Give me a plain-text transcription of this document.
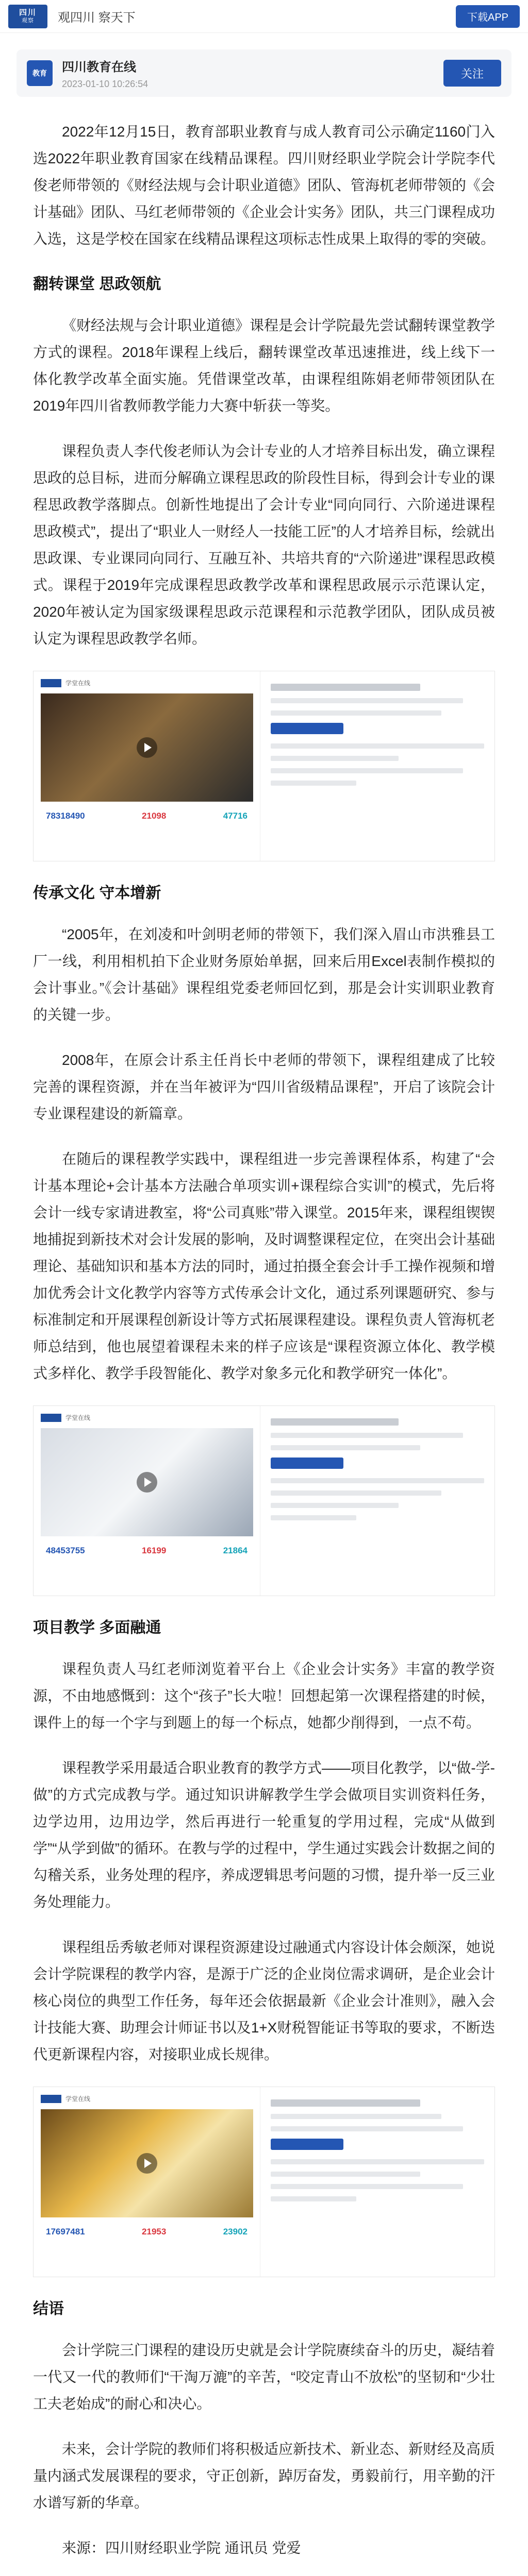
四川
观察 观四川 察天下	下载APP
教育	四川教育在线
2023-01-10 10:26:54
关注

2022年12月15日，教育部职业教育与成人教育司公示确定1160门入选2022年职业教育国家在线精品课程。四川财经职业学院会计学院李代俊老师带领的《财经法规与会计职业道德》团队、管海杌老师带领的《会计基础》团队、马红老师带领的《企业会计实务》团队，共三门课程成功入选，这是学校在国家在线精品课程这项标志性成果上取得的零的突破。

翻转课堂 思政领航

《财经法规与会计职业道德》课程是会计学院最先尝试翻转课堂教学方式的课程。2018年课程上线后，翻转课堂改革迅速推进，线上线下一体化教学改革全面实施。凭借课堂改革，由课程组陈娟老师带领团队在2019年四川省教师教学能力大赛中斩获一等奖。

课程负责人李代俊老师认为会计专业的人才培养目标出发，确立课程思政的总目标，进而分解确立课程思政的阶段性目标，得到会计专业的课程思政教学落脚点。创新性地提出了会计专业“同向同行、六阶递进课程思政模式”，提出了“职业人一财经人一技能工匠”的人才培养目标，绘就出思政课、专业课同向同行、互融互补、共培共育的“六阶递进”课程思政模式。课程于2019年完成课程思政教学改革和课程思政展示示范课认定，2020年被认定为国家级课程思政示范课程和示范教学团队，团队成员被认定为课程思政教学名师。

学堂在线
78318490	21098	47716
传承文化 守本增新

“2005年，在刘凌和叶剑明老师的带领下，我们深入眉山市洪雅县工厂一线，利用相机拍下企业财务原始单据，回来后用Excel表制作模拟的会计事业。”《会计基础》课程组党委老师回忆到，那是会计实训职业教育的关键一步。

2008年，在原会计系主任肖长中老师的带领下，课程组建成了比较完善的课程资源，并在当年被评为“四川省级精品课程”，开启了该院会计专业课程建设的新篇章。

在随后的课程教学实践中，课程组进一步完善课程体系，构建了“会计基本理论+会计基本方法融合单项实训+课程综合实训”的模式，先后将会计一线专家请进教室，将“公司真账”带入课堂。2015年来，课程组锲锲地捕捉到新技术对会计发展的影响，及时调整课程定位，在突出会计基础理论、基础知识和基本方法的同时，通过拍摄全套会计手工操作视频和增加优秀会计文化教学内容等方式传承会计文化，通过系列课题研究、参与标准制定和开展课程创新设计等方式拓展课程建设。课程负责人管海杌老师总结到，他也展望着课程未来的样子应该是“课程资源立体化、教学模式多样化、教学手段智能化、教学对象多元化和教学研究一体化”。

学堂在线
48453755	16199	21864
项目教学 多面融通

课程负责人马红老师浏览着平台上《企业会计实务》丰富的教学资源，不由地感慨到：这个“孩子”长大啦！回想起第一次课程搭建的时候，课件上的每一个字与到题上的每一个标点，她都少削得到，一点不苟。

课程教学采用最适合职业教育的教学方式——项目化教学，以“做-学-做”的方式完成教与学。通过知识讲解教学生学会做项目实训资料任务，边学边用，边用边学，然后再进行一轮重复的学用过程，完成“从做到学”“从学到做”的循环。在教与学的过程中，学生通过实践会计数据之间的勾稽关系，业务处理的程序，养成逻辑思考问题的习惯，提升举一反三业务处理能力。

课程组岳秀敏老师对课程资源建设过融通式内容设计体会颇深，她说会计学院课程的教学内容，是源于广泛的企业岗位需求调研，是企业会计核心岗位的典型工作任务，每年还会依据最新《企业会计准则》，融入会计技能大赛、助理会计师证书以及1+X财税智能证书等取的要求，不断迭代更新课程内容，对接职业成长规律。

学堂在线
17697481	21953	23902
结语

会计学院三门课程的建设历史就是会计学院赓续奋斗的历史，凝结着一代又一代的教师们“干淘万漉”的辛苦，“咬定青山不放松”的坚韧和“少壮工夫老始成”的耐心和决心。

未来，会计学院的教师们将积极适应新技术、新业态、新财经及高质量内涵式发展课程的要求，守正创新，踔厉奋发，勇毅前行，用辛勤的汗水谱写新的华章。

来源：四川财经职业学院 通讯员 党爱
